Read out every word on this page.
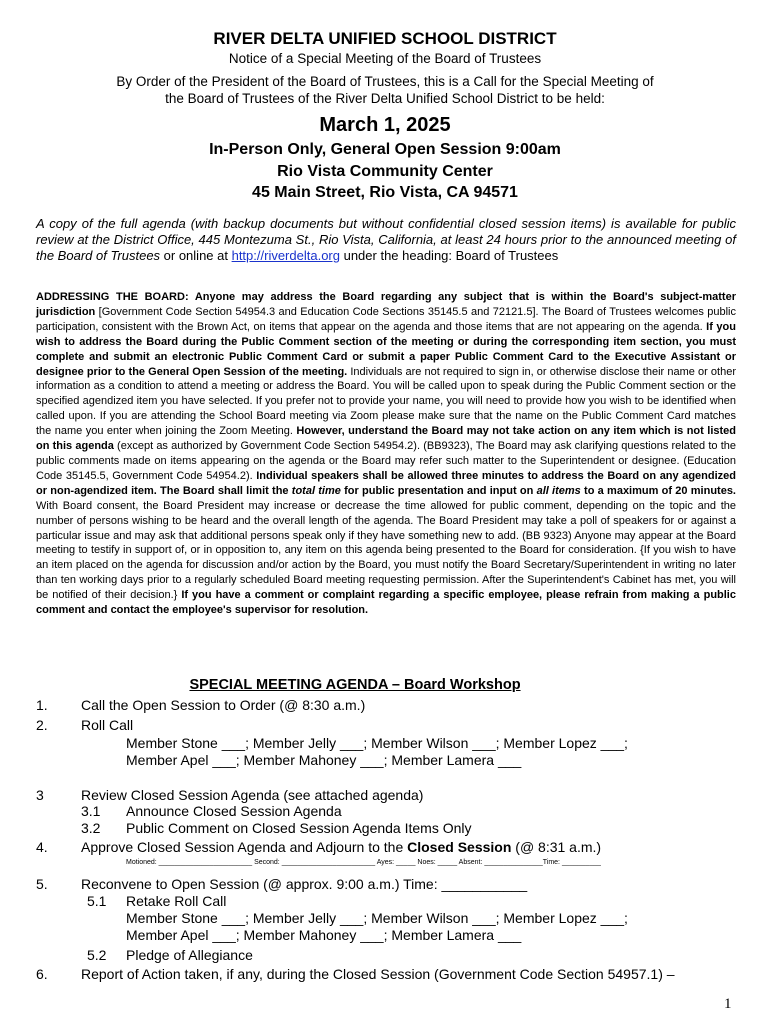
RIVER DELTA UNIFIED SCHOOL DISTRICT
Notice of a Special Meeting of the Board of Trustees
By Order of the President of the Board of Trustees, this is a Call for the Special Meeting of
the Board of Trustees of the River Delta Unified School District to be held:
March 1, 2025
In-Person Only, General Open Session 9:00am
Rio Vista Community Center
45 Main Street, Rio Vista, CA 94571
A copy of the full agenda (with backup documents but without confidential closed session items) is available for public review at the District Office, 445 Montezuma St., Rio Vista, California, at least 24 hours prior to the announced meeting of the Board of Trustees or online at http://riverdelta.org under the heading: Board of Trustees
ADDRESSING THE BOARD: Anyone may address the Board regarding any subject that is within the Board's subject-matter jurisdiction [Government Code Section 54954.3 and Education Code Sections 35145.5 and 72121.5]. The Board of Trustees welcomes public participation, consistent with the Brown Act, on items that appear on the agenda and those items that are not appearing on the agenda. If you wish to address the Board during the Public Comment section of the meeting or during the corresponding item section, you must complete and submit an electronic Public Comment Card or submit a paper Public Comment Card to the Executive Assistant or designee prior to the General Open Session of the meeting. Individuals are not required to sign in, or otherwise disclose their name or other information as a condition to attend a meeting or address the Board. You will be called upon to speak during the Public Comment section or the specified agendized item you have selected. If you prefer not to provide your name, you will need to provide how you wish to be identified when called upon. If you are attending the School Board meeting via Zoom please make sure that the name on the Public Comment Card matches the name you enter when joining the Zoom Meeting. However, understand the Board may not take action on any item which is not listed on this agenda (except as authorized by Government Code Section 54954.2). (BB9323), The Board may ask clarifying questions related to the public comments made on items appearing on the agenda or the Board may refer such matter to the Superintendent or designee. (Education Code 35145.5, Government Code 54954.2). Individual speakers shall be allowed three minutes to address the Board on any agendized or non-agendized item. The Board shall limit the total time for public presentation and input on all items to a maximum of 20 minutes. With Board consent, the Board President may increase or decrease the time allowed for public comment, depending on the topic and the number of persons wishing to be heard and the overall length of the agenda. The Board President may take a poll of speakers for or against a particular issue and may ask that additional persons speak only if they have something new to add. (BB 9323) Anyone may appear at the Board meeting to testify in support of, or in opposition to, any item on this agenda being presented to the Board for consideration. {If you wish to have an item placed on the agenda for discussion and/or action by the Board, you must notify the Board Secretary/Superintendent in writing no later than ten working days prior to a regularly scheduled Board meeting requesting permission. After the Superintendent's Cabinet has met, you will be notified of their decision.} If you have a comment or complaint regarding a specific employee, please refrain from making a public comment and contact the employee's supervisor for resolution.
SPECIAL MEETING AGENDA – Board Workshop
1. Call the Open Session to Order (@ 8:30 a.m.)
2. Roll Call
Member Stone ___; Member Jelly ___; Member Wilson ___; Member Lopez ___;
Member Apel ___; Member Mahoney ___; Member Lamera ___
3	Review Closed Session Agenda (see attached agenda)
3.1 Announce Closed Session Agenda
3.2 Public Comment on Closed Session Agenda Items Only
4. Approve Closed Session Agenda and Adjourn to the Closed Session (@ 8:31 a.m.)
Motioned: ________________________ Second: ________________________ Ayes: _____ Noes: _____ Absent: _______________Time: __________
5. Reconvene to Open Session (@ approx. 9:00 a.m.) Time: ___________
5.1 Retake Roll Call
Member Stone ___; Member Jelly ___; Member Wilson ___; Member Lopez ___;
Member Apel ___; Member Mahoney ___; Member Lamera ___
5.2 Pledge of Allegiance
6. Report of Action taken, if any, during the Closed Session (Government Code Section 54957.1) –
1
